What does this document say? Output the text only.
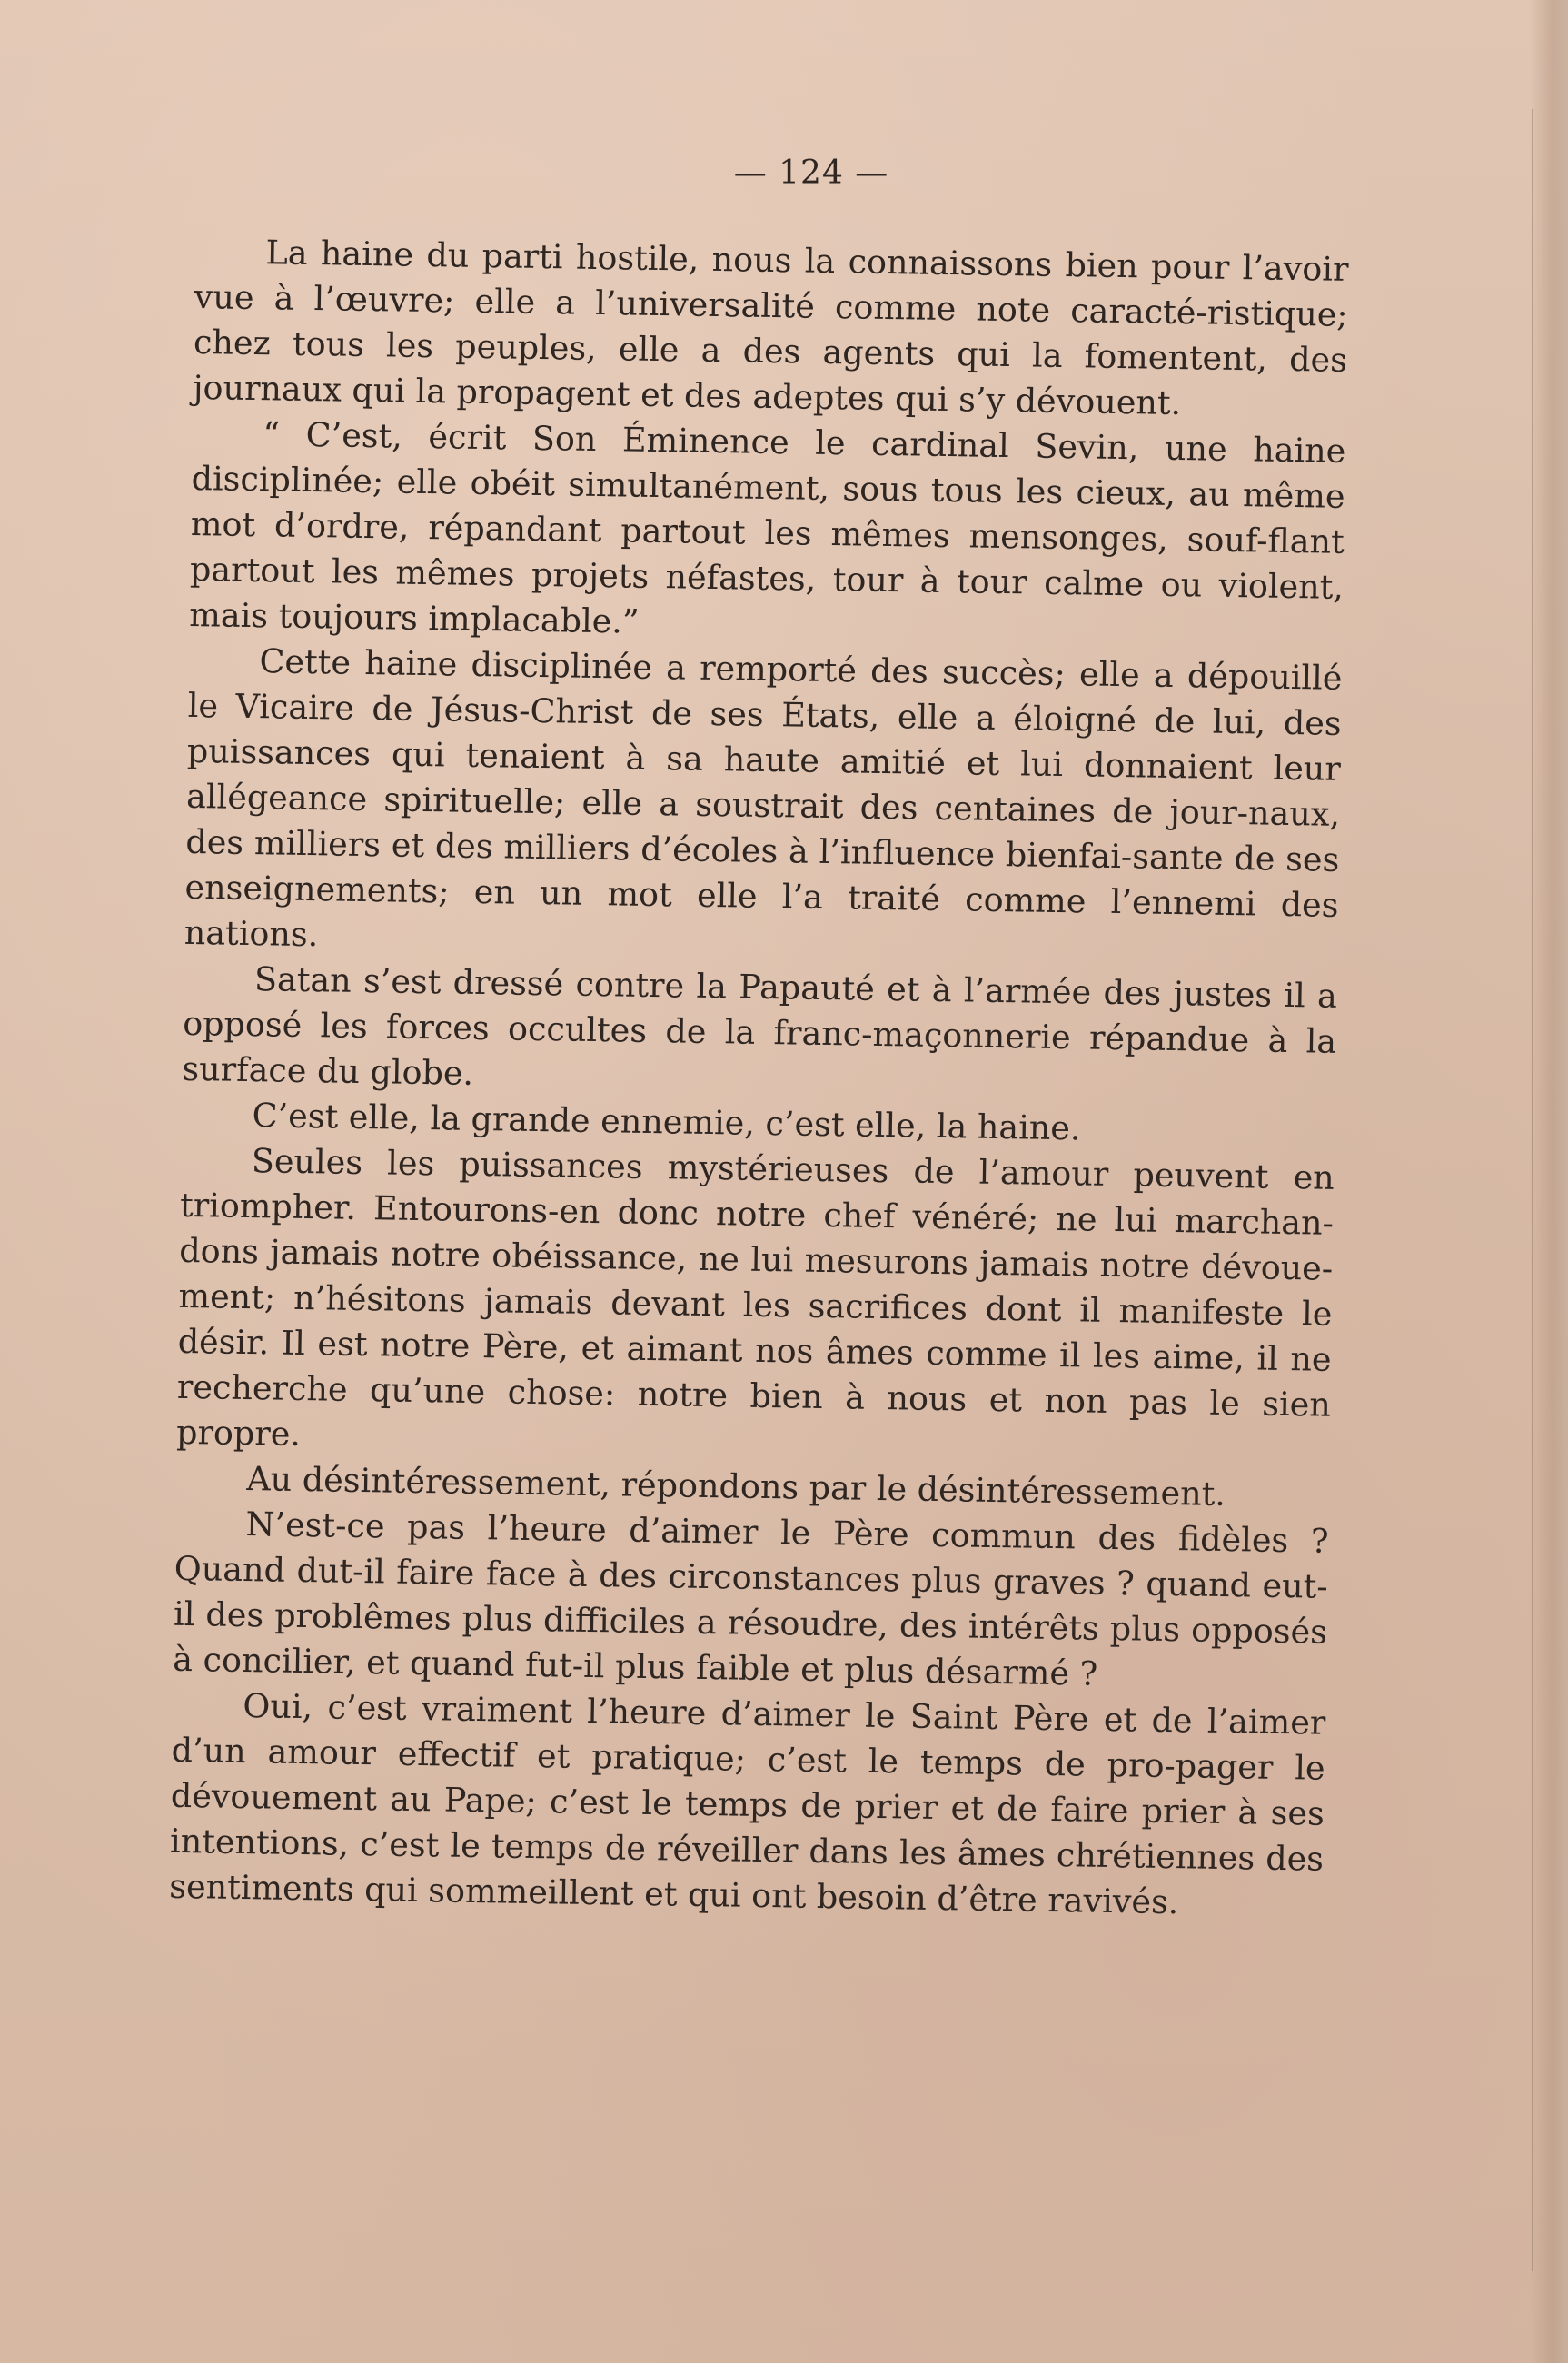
— 124 —

La haine du parti hostile, nous la connaissons bien pour l’avoir vue à l’œuvre; elle a l’universalité comme note caracté-ristique; chez tous les peuples, elle a des agents qui la fomentent, des journaux qui la propagent et des adeptes qui s’y dévouent.

“ C’est, écrit Son Éminence le cardinal Sevin, une haine disciplinée; elle obéit simultanément, sous tous les cieux, au même mot d’ordre, répandant partout les mêmes mensonges, souf-flant partout les mêmes projets néfastes, tour à tour calme ou violent, mais toujours implacable.”

Cette haine disciplinée a remporté des succès; elle a dépouillé le Vicaire de Jésus-Christ de ses États, elle a éloigné de lui, des puissances qui tenaient à sa haute amitié et lui donnaient leur allégeance spirituelle; elle a soustrait des centaines de jour-naux, des milliers et des milliers d’écoles à l’influence bienfai-sante de ses enseignements; en un mot elle l’a traité comme l’ennemi des nations.

Satan s’est dressé contre la Papauté et à l’armée des justes il a opposé les forces occultes de la franc-maçonnerie répandue à la surface du globe.

C’est elle, la grande ennemie, c’est elle, la haine.

Seules les puissances mystérieuses de l’amour peuvent en triompher. Entourons-en donc notre chef vénéré; ne lui marchan-dons jamais notre obéissance, ne lui mesurons jamais notre dévoue-ment; n’hésitons jamais devant les sacrifices dont il manifeste le désir. Il est notre Père, et aimant nos âmes comme il les aime, il ne recherche qu’une chose: notre bien à nous et non pas le sien propre.

Au désintéressement, répondons par le désintéressement.

N’est-ce pas l’heure d’aimer le Père commun des fidèles ? Quand dut-il faire face à des circonstances plus graves ? quand eut-il des problêmes plus difficiles a résoudre, des intérêts plus opposés à concilier, et quand fut-il plus faible et plus désarmé ?

Oui, c’est vraiment l’heure d’aimer le Saint Père et de l’aimer d’un amour effectif et pratique; c’est le temps de pro-pager le dévouement au Pape; c’est le temps de prier et de faire prier à ses intentions, c’est le temps de réveiller dans les âmes chrétiennes des sentiments qui sommeillent et qui ont besoin d’être ravivés.
